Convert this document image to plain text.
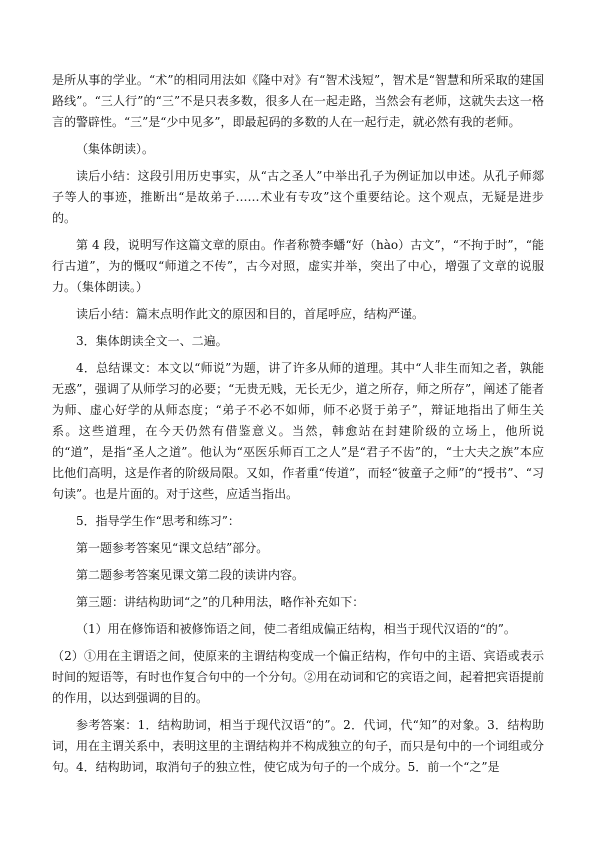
是所从事的学业。“术”的相同用法如《隆中对》有“智术浅短”，智术是“智慧和所采取的建国路线”。“三人行”的“三”不是只表多数，很多人在一起走路，当然会有老师，这就失去这一格言的警辟性。“三”是“少中见多”，即最起码的多数的人在一起行走，就必然有我的老师。

（集体朗读）。

读后小结：这段引用历史事实，从“古之圣人”中举出孔子为例证加以申述。从孔子师郯子等人的事迹，推断出“是故弟子……术业有专攻”这个重要结论。这个观点，无疑是进步的。

第 4 段，说明写作这篇文章的原由。作者称赞李蟠“好（hào）古文”，“不拘于时”，“能行古道”，为的慨叹“师道之不传”，古今对照，虚实并举，突出了中心，增强了文章的说服力。（集体朗读。）

读后小结：篇末点明作此文的原因和目的，首尾呼应，结构严谨。

3．集体朗读全文一、二遍。

4．总结课文：本文以“师说”为题，讲了许多从师的道理。其中“人非生而知之者，孰能无惑”，强调了从师学习的必要；“无贵无贱，无长无少，道之所存，师之所存”，阐述了能者为师、虚心好学的从师态度；“弟子不必不如师，师不必贤于弟子”，辩证地指出了师生关系。这些道理，在今天仍然有借鉴意义。当然，韩愈站在封建阶级的立场上，他所说的“道”，是指“圣人之道”。他认为“巫医乐师百工之人”是“君子不齿”的，“士大夫之族”本应比他们高明，这是作者的阶级局限。又如，作者重“传道”，而轻“彼童子之师”的“授书”、“习句读”。也是片面的。对于这些，应适当指出。

5．指导学生作“思考和练习”：

第一题参考答案见“课文总结”部分。

第二题参考答案见课文第二段的读讲内容。

第三题：讲结构助词“之”的几种用法，略作补充如下：

（1）用在修饰语和被修饰语之间，使二者组成偏正结构，相当于现代汉语的“的”。

（2）①用在主谓语之间，使原来的主谓结构变成一个偏正结构，作句中的主语、宾语或表示时间的短语等，有时也作复合句中的一个分句。②用在动词和它的宾语之间，起着把宾语提前的作用，以达到强调的目的。

参考答案：1．结构助词，相当于现代汉语“的”。2．代词，代“知”的对象。3．结构助词，用在主谓关系中，表明这里的主谓结构并不构成独立的句子，而只是句中的一个词组或分句。4．结构助词，取消句子的独立性，使它成为句子的一个成分。5．前一个“之”是
